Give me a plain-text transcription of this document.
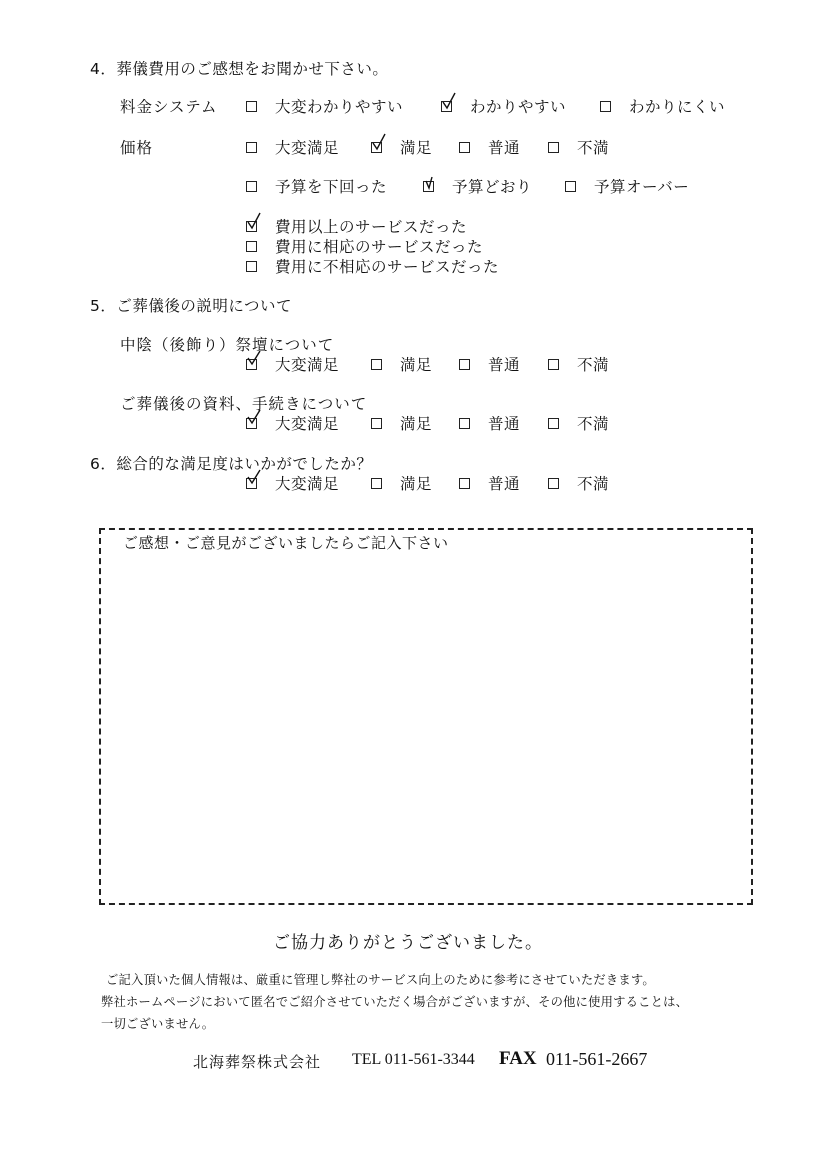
4．葬儀費用のご感想をお聞かせ下さい。
料金システム	大変わかりやすい	わかりやすい	わかりにくい
価格	大変満足	満足	普通	不満
予算を下回った	予算どおり	予算オーバー
費用以上のサービスだった
費用に相応のサービスだった
費用に不相応のサービスだった
5．ご葬儀後の説明について
中陰（後飾り）祭壇について
大変満足	満足	普通	不満
ご葬儀後の資料、手続きについて
大変満足	満足	普通	不満
6．総合的な満足度はいかがでしたか？
大変満足	満足	普通	不満
ご感想・ご意見がございましたらご記入下さい
ご協力ありがとうございました。
ご記入頂いた個人情報は、厳重に管理し弊社のサービス向上のために参考にさせていただきます。
弊社ホームページにおいて匿名でご紹介させていただく場合がございますが、その他に使用することは、
一切ございません。
北海葬祭株式会社 TEL 011-561-3344 FAX 011-561-2667
